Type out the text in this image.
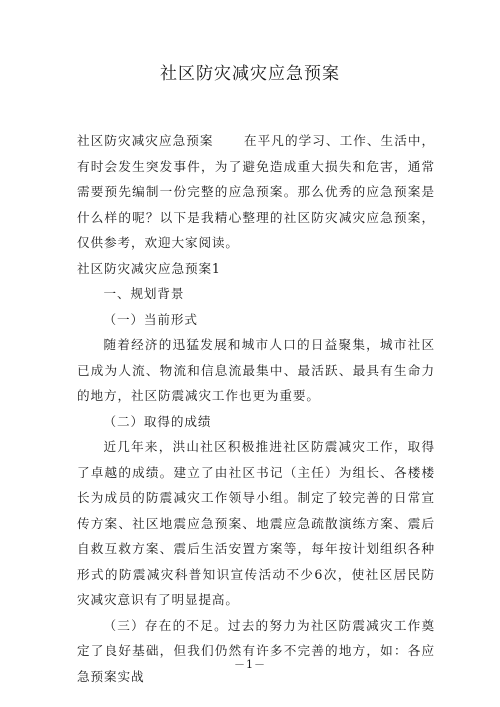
社区防灾减灾应急预案

社区防灾减灾应急预案 在平凡的学习、工作、生活中，有时会发生突发事件，为了避免造成重大损失和危害，通常需要预先编制一份完整的应急预案。那么优秀的应急预案是什么样的呢？以下是我精心整理的社区防灾减灾应急预案，仅供参考，欢迎大家阅读。

社区防灾减灾应急预案1

一、规划背景

（一）当前形式

随着经济的迅猛发展和城市人口的日益聚集，城市社区已成为人流、物流和信息流最集中、最活跃、最具有生命力的地方，社区防震减灾工作也更为重要。

（二）取得的成绩

近几年来，洪山社区积极推进社区防震减灾工作，取得了卓越的成绩。建立了由社区书记（主任）为组长、各楼楼长为成员的防震减灾工作领导小组。制定了较完善的日常宣传方案、社区地震应急预案、地震应急疏散演练方案、震后自救互救方案、震后生活安置方案等，每年按计划组织各种形式的防震减灾科普知识宣传活动不少6次，使社区居民防灾减灾意识有了明显提高。

（三）存在的不足。过去的努力为社区防震减灾工作奠定了良好基础，但我们仍然有许多不完善的地方，如：各应急预案实战

－1－
